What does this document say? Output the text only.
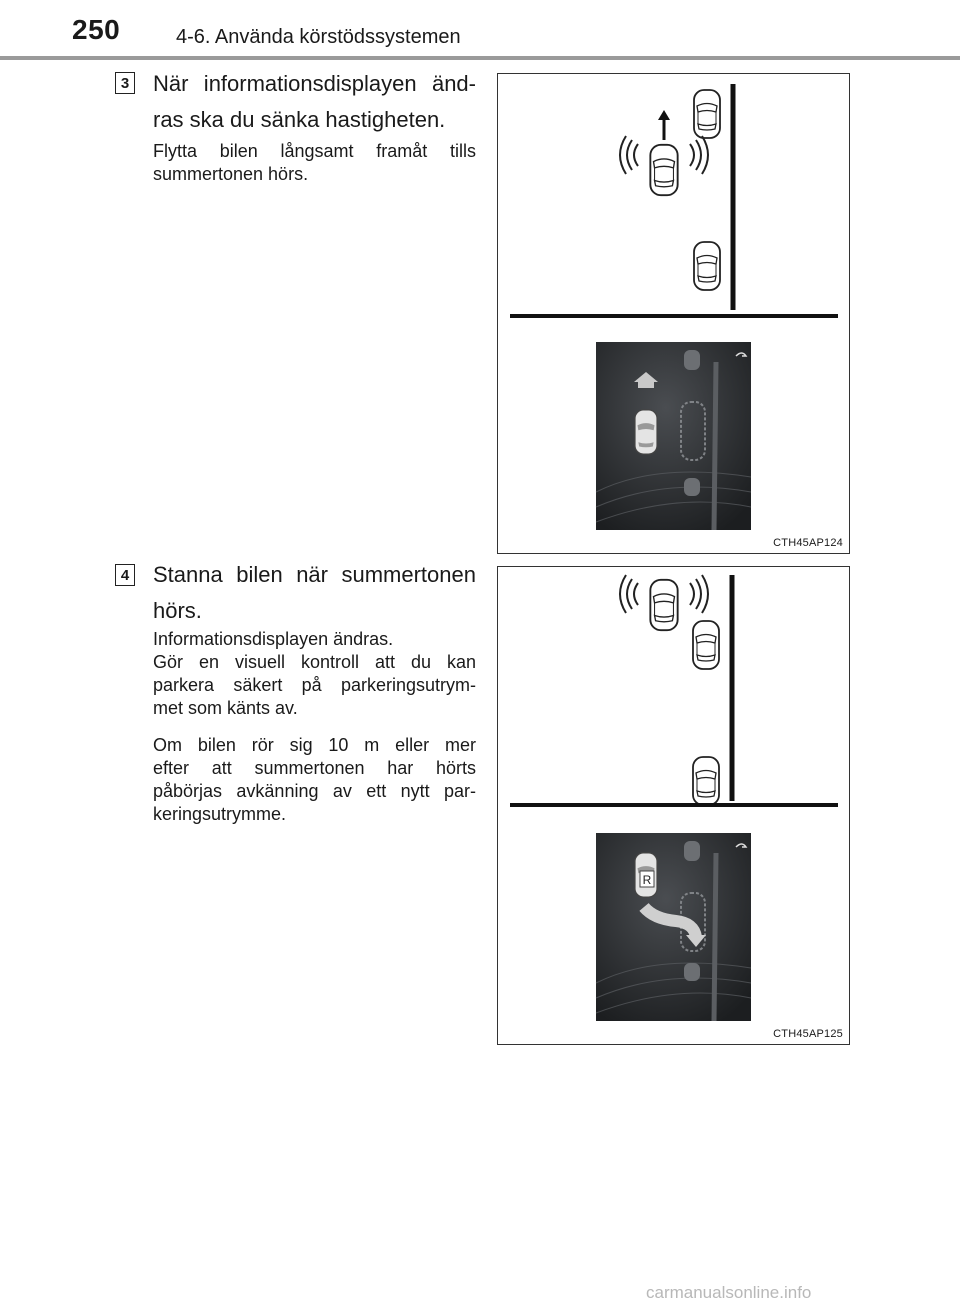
250	4-6. Använda körstödssystemen
3 När informationsdisplayen änd-
ras ska du sänka hastigheten.
Flytta bilen långsamt framåt tills
summertonen hörs.
CTH45AP124
4 Stanna bilen när summertonen
hörs.
Informationsdisplayen ändras.
Gör en visuell kontroll att du kan
parkera säkert på parkeringsutrym-
met som känts av.
Om bilen rör sig 10 m eller mer
efter att summertonen har hörts
påbörjas avkänning av ett nytt par-
keringsutrymme.
R
CTH45AP125
carmanualsonline.info
